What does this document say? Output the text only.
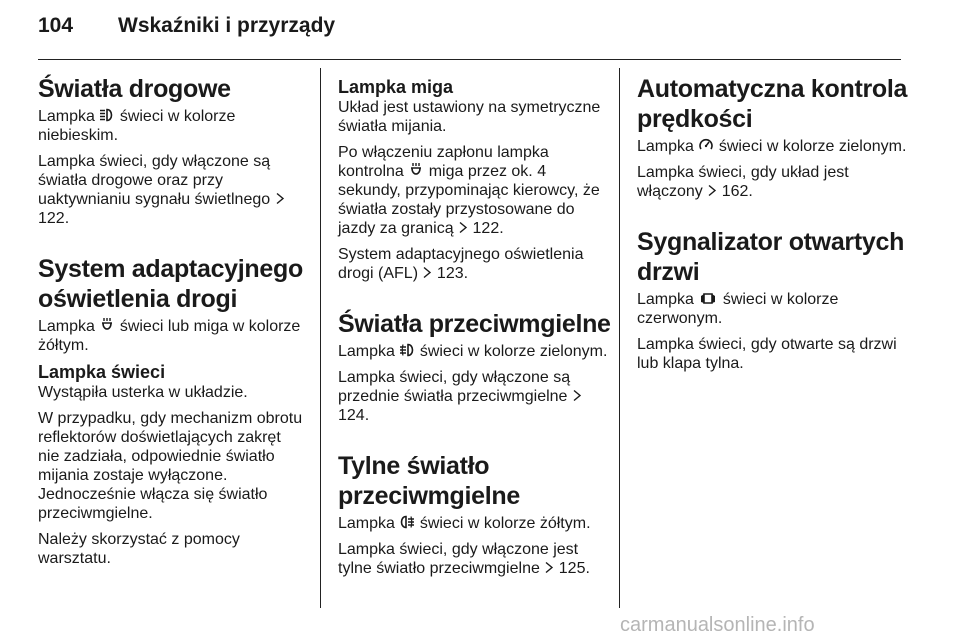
104 Wskaźniki i przyrządy
Światła drogowe

Lampka  świeci w kolorze niebieskim.

Lampka świeci, gdy włączone są światła drogowe oraz przy uaktywnianiu sygnału świetlnego  122.

System adaptacyjnego oświetlenia drogi

Lampka  świeci lub miga w kolorze żółtym.

Lampka świeci

Wystąpiła usterka w układzie.

W przypadku, gdy mechanizm obrotu reflektorów doświetlających zakręt nie zadziała, odpowiednie światło mijania zostaje wyłączone. Jednocześnie włącza się światło przeciwmgielne.

Należy skorzystać z pomocy warsztatu.

Lampka miga

Układ jest ustawiony na symetryczne światła mijania.

Po włączeniu zapłonu lampka kontrolna  miga przez ok. 4 sekundy, przypominając kierowcy, że światła zostały przystosowane do jazdy za granicą  122.

System adaptacyjnego oświetlenia drogi (AFL)  123.

Światła przeciwmgielne

Lampka  świeci w kolorze zielonym.

Lampka świeci, gdy włączone są przednie światła przeciwmgielne  124.

Tylne światło przeciwmgielne

Lampka  świeci w kolorze żółtym.

Lampka świeci, gdy włączone jest tylne światło przeciwmgielne  125.

Automatyczna kontrola prędkości

Lampka  świeci w kolorze zielonym.

Lampka świeci, gdy układ jest włączony  162.

Sygnalizator otwartych drzwi

Lampka  świeci w kolorze czerwonym.

Lampka świeci, gdy otwarte są drzwi lub klapa tylna.

carmanualsonline.info
